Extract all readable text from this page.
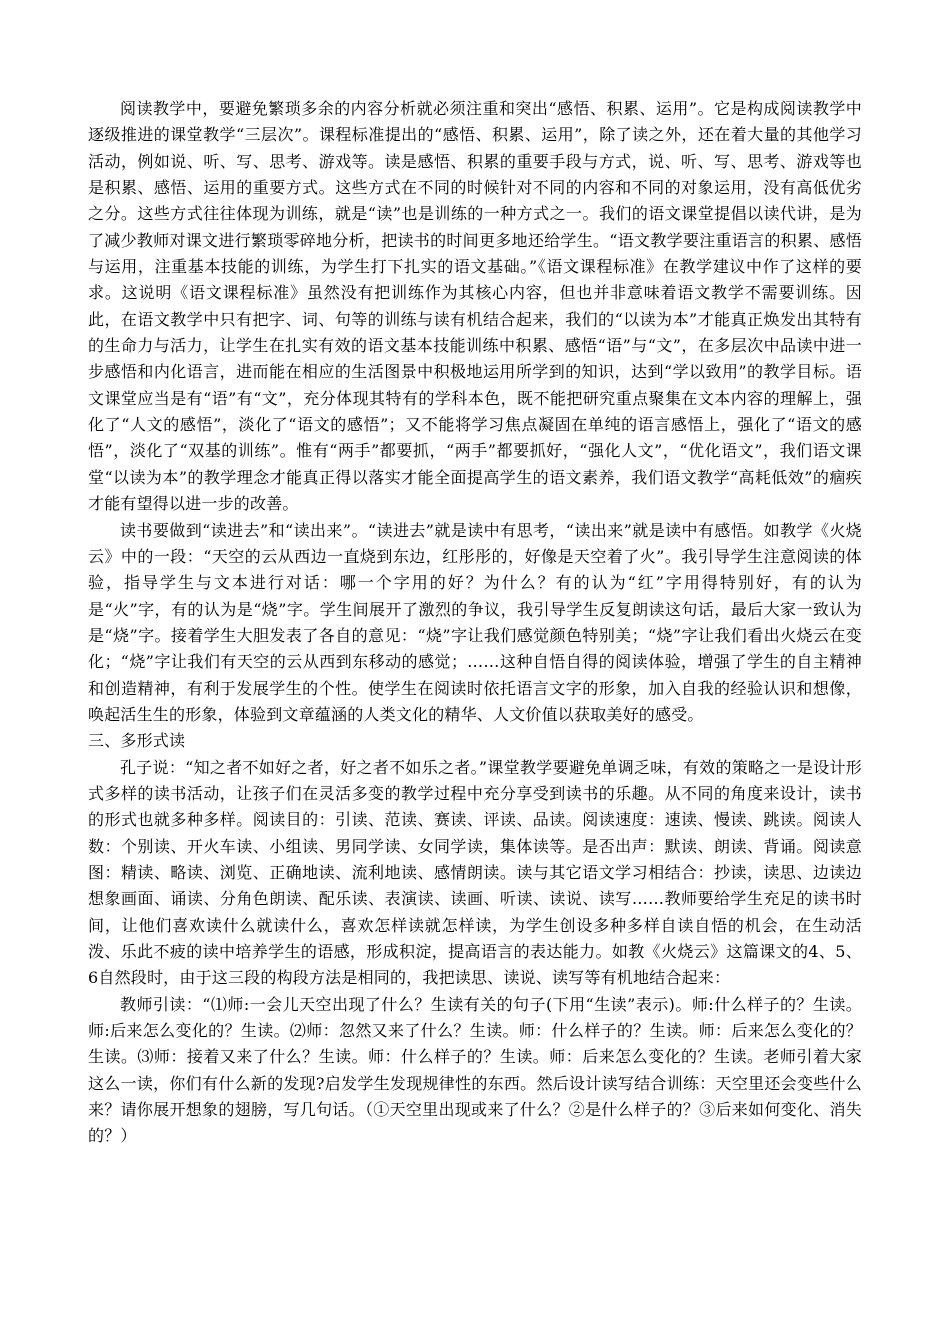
阅读教学中，要避免繁琐多余的内容分析就必须注重和突出“感悟、积累、运用”。它是构成阅读教学中逐级推进的课堂教学“三层次”。课程标准提出的“感悟、积累、运用”，除了读之外，还在着大量的其他学习活动，例如说、听、写、思考、游戏等。读是感悟、积累的重要手段与方式，说、听、写、思考、游戏等也是积累、感悟、运用的重要方式。这些方式在不同的时候针对不同的内容和不同的对象运用，没有高低优劣之分。这些方式往往体现为训练，就是“读”也是训练的一种方式之一。我们的语文课堂提倡以读代讲，是为了减少教师对课文进行繁琐零碎地分析，把读书的时间更多地还给学生。“语文教学要注重语言的积累、感悟与运用，注重基本技能的训练，为学生打下扎实的语文基础。”《语文课程标准》在教学建议中作了这样的要求。这说明《语文课程标准》虽然没有把训练作为其核心内容，但也并非意味着语文教学不需要训练。因此，在语文教学中只有把字、词、句等的训练与读有机结合起来，我们的“以读为本”才能真正焕发出其特有的生命力与活力，让学生在扎实有效的语文基本技能训练中积累、感悟“语”与“文”，在多层次中品读中进一步感悟和内化语言，进而能在相应的生活图景中积极地运用所学到的知识，达到“学以致用”的教学目标。语文课堂应当是有“语”有“文”，充分体现其特有的学科本色，既不能把研究重点聚集在文本内容的理解上，强化了“人文的感悟”，淡化了“语文的感悟”；又不能将学习焦点凝固在单纯的语言感悟上，强化了“语文的感悟”，淡化了“双基的训练”。惟有“两手”都要抓，“两手”都要抓好，“强化人文”，“优化语文”，我们语文课堂“以读为本”的教学理念才能真正得以落实才能全面提高学生的语文素养，我们语文教学“高耗低效”的痼疾才能有望得以进一步的改善。

读书要做到“读进去”和“读出来”。“读进去”就是读中有思考，“读出来”就是读中有感悟。如教学《火烧云》中的一段：“天空的云从西边一直烧到东边，红彤彤的，好像是天空着了火”。我引导学生注意阅读的体验，指导学生与文本进行对话：哪一个字用的好？为什么？有的认为“红”字用得特别好，有的认为是“火”字，有的认为是“烧”字。学生间展开了激烈的争议，我引导学生反复朗读这句话，最后大家一致认为是“烧”字。接着学生大胆发表了各自的意见：“烧”字让我们感觉颜色特别美；“烧”字让我们看出火烧云在变化；“烧”字让我们有天空的云从西到东移动的感觉；……这种自悟自得的阅读体验，增强了学生的自主精神和创造精神，有利于发展学生的个性。使学生在阅读时依托语言文字的形象，加入自我的经验认识和想像，唤起活生生的形象，体验到文章蕴涵的人类文化的精华、人文价值以获取美好的感受。

三、多形式读

孔子说：“知之者不如好之者，好之者不如乐之者。”课堂教学要避免单调乏味，有效的策略之一是设计形式多样的读书活动，让孩子们在灵活多变的教学过程中充分享受到读书的乐趣。从不同的角度来设计，读书的形式也就多种多样。阅读目的：引读、范读、赛读、评读、品读。阅读速度：速读、慢读、跳读。阅读人数：个别读、开火车读、小组读、男同学读、女同学读，集体读等。是否出声：默读、朗读、背诵。阅读意图：精读、略读、浏览、正确地读、流利地读、感情朗读。读与其它语文学习相结合：抄读，读思、边读边想象画面、诵读、分角色朗读、配乐读、表演读、读画、听读、读说、读写……教师要给学生充足的读书时间，让他们喜欢读什么就读什么，喜欢怎样读就怎样读，为学生创设多种多样自读自悟的机会，在生动活泼、乐此不疲的读中培养学生的语感，形成积淀，提高语言的表达能力。如教《火烧云》这篇课文的4、5、6自然段时，由于这三段的构段方法是相同的，我把读思、读说、读写等有机地结合起来：

教师引读：“⑴师:一会儿天空出现了什么？生读有关的句子(下用“生读”表示)。师:什么样子的？生读。师:后来怎么变化的？生读。⑵师：忽然又来了什么？生读。师：什么样子的？生读。师：后来怎么变化的？生读。⑶师：接着又来了什么？生读。师：什么样子的？生读。师：后来怎么变化的？生读。老师引着大家这么一读，你们有什么新的发现?启发学生发现规律性的东西。然后设计读写结合训练：天空里还会变些什么来？请你展开想象的翅膀，写几句话。（①天空里出现或来了什么？②是什么样子的？③后来如何变化、消失的？）
